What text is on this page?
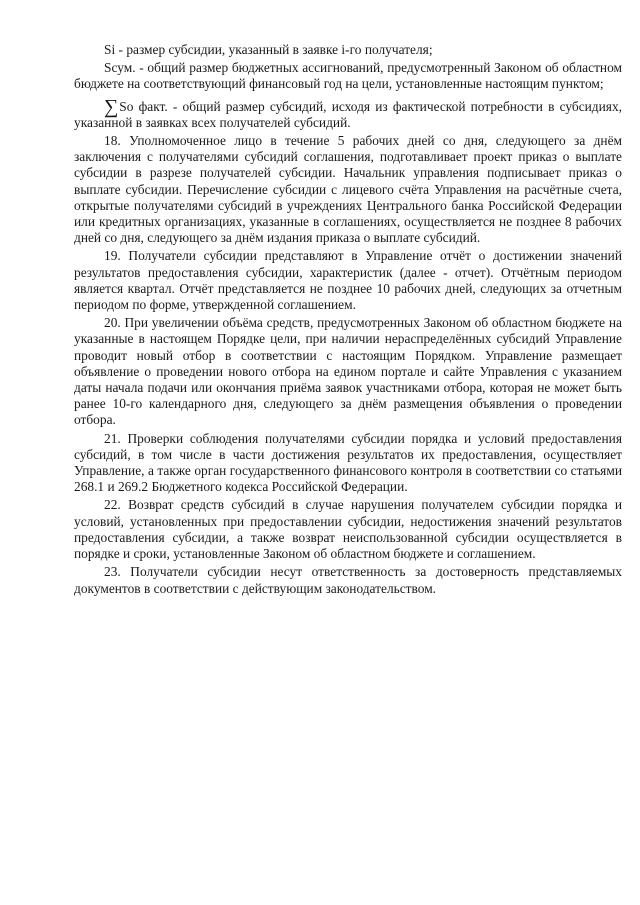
Si - размер субсидии, указанный в заявке i-го получателя;

Sсум. - общий размер бюджетных ассигнований, предусмотренный Законом об областном бюджете на соответствующий финансовый год на цели, установленные настоящим пунктом;

∑So факт. - общий размер субсидий, исходя из фактической потребности в субсидиях, указанной в заявках всех получателей субсидий.

18. Уполномоченное лицо в течение 5 рабочих дней со дня, следующего за днём заключения с получателями субсидий соглашения, подготавливает проект приказ о выплате субсидии в разрезе получателей субсидии. Начальник управления подписывает приказ о выплате субсидии. Перечисление субсидии с лицевого счёта Управления на расчётные счета, открытые получателями субсидий в учреждениях Центрального банка Российской Федерации или кредитных организациях, указанные в соглашениях, осуществляется не позднее 8 рабочих дней со дня, следующего за днём издания приказа о выплате субсидий.

19. Получатели субсидии представляют в Управление отчёт о достижении значений результатов предоставления субсидии, характеристик (далее - отчет). Отчётным периодом является квартал. Отчёт представляется не позднее 10 рабочих дней, следующих за отчетным периодом по форме, утвержденной соглашением.

20. При увеличении объёма средств, предусмотренных Законом об областном бюджете на указанные в настоящем Порядке цели, при наличии нераспределённых субсидий Управление проводит новый отбор в соответствии с настоящим Порядком. Управление размещает объявление о проведении нового отбора на едином портале и сайте Управления с указанием даты начала подачи или окончания приёма заявок участниками отбора, которая не может быть ранее 10-го календарного дня, следующего за днём размещения объявления о проведении отбора.

21. Проверки соблюдения получателями субсидии порядка и условий предоставления субсидий, в том числе в части достижения результатов их предоставления, осуществляет Управление, а также орган государственного финансового контроля в соответствии со статьями 268.1 и 269.2 Бюджетного кодекса Российской Федерации.

22. Возврат средств субсидий в случае нарушения получателем субсидии порядка и условий, установленных при предоставлении субсидии, недостижения значений результатов предоставления субсидии, а также возврат неиспользованной субсидии осуществляется в порядке и сроки, установленные Законом об областном бюджете и соглашением.

23. Получатели субсидии несут ответственность за достоверность представляемых документов в соответствии с действующим законодательством.
